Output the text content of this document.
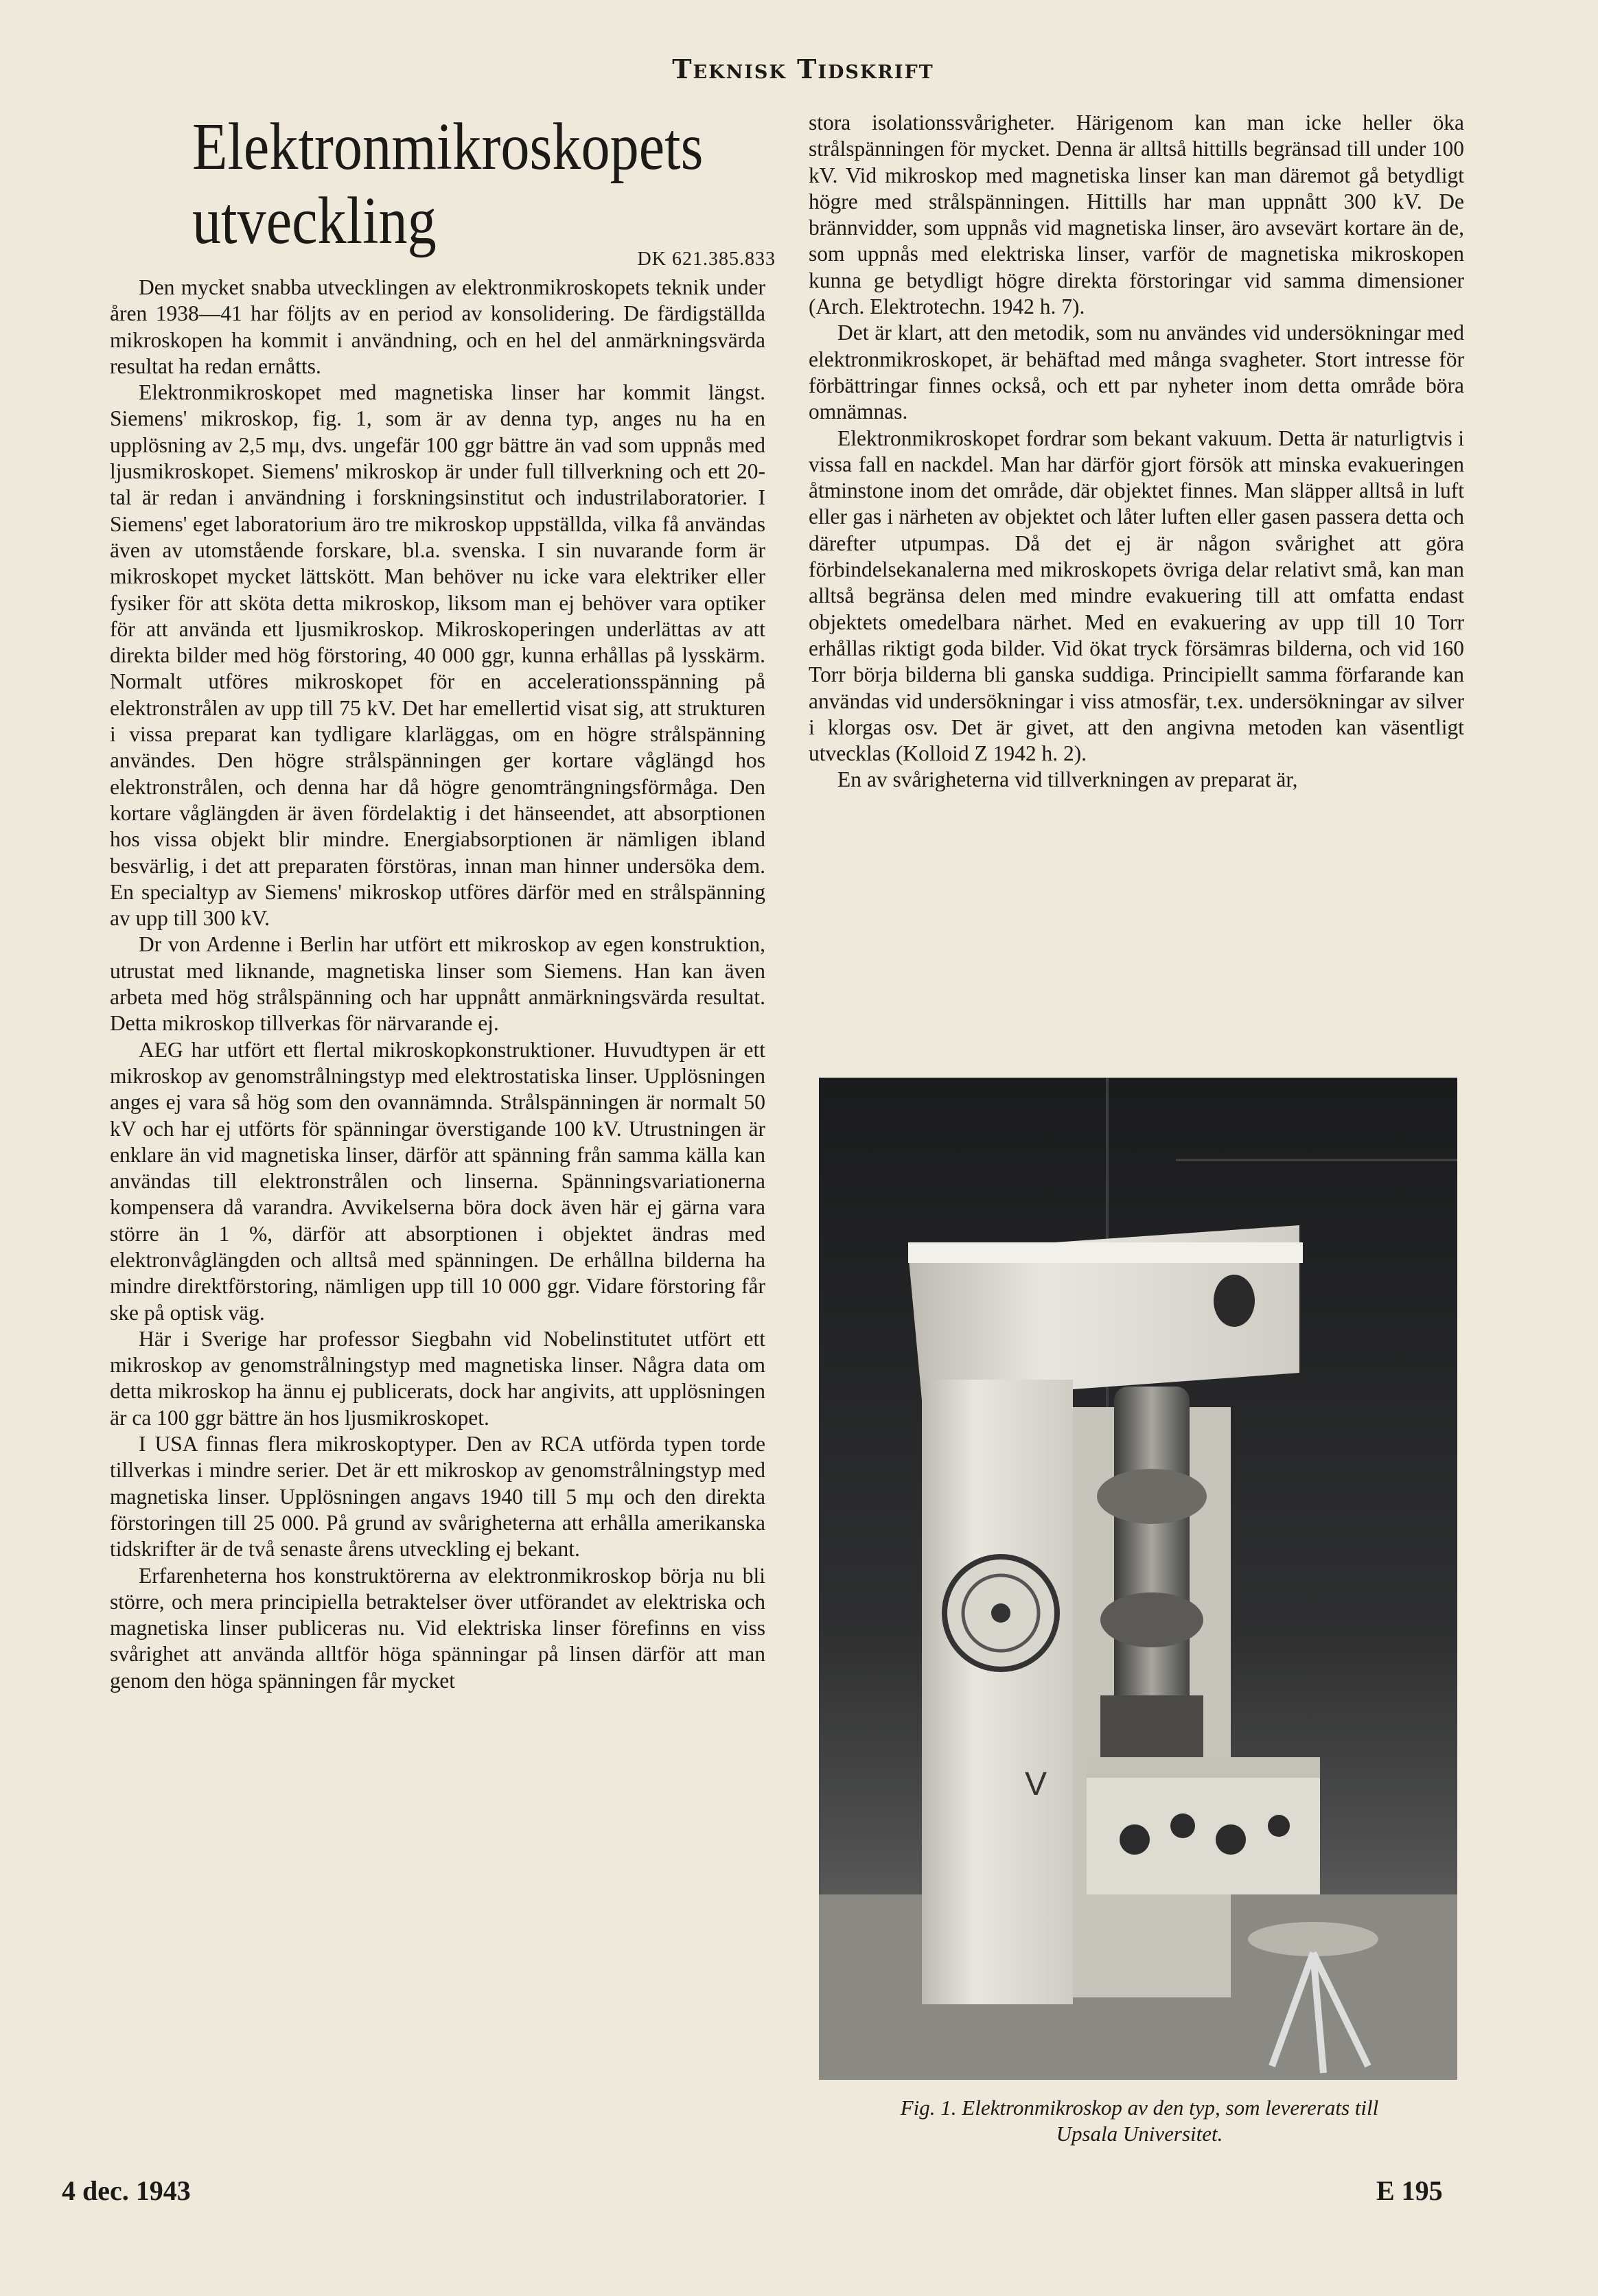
Teknisk Tidskrift
Elektronmikroskopets
utveckling
DK 621.385.833

Den mycket snabba utvecklingen av elektronmikroskopets teknik under åren 1938—41 har följts av en period av konsolidering. De färdigställda mikroskopen ha kommit i användning, och en hel del anmärkningsvärda resultat ha redan ernåtts.

Elektronmikroskopet med magnetiska linser har kommit längst. Siemens' mikroskop, fig. 1, som är av denna typ, anges nu ha en upplösning av 2,5 mμ, dvs. ungefär 100 ggr bättre än vad som uppnås med ljusmikroskopet. Siemens' mikroskop är under full tillverkning och ett 20-tal är redan i användning i forskningsinstitut och industrilaboratorier. I Siemens' eget laboratorium äro tre mikroskop uppställda, vilka få användas även av utomstående forskare, bl.a. svenska. I sin nuvarande form är mikroskopet mycket lättskött. Man behöver nu icke vara elektriker eller fysiker för att sköta detta mikroskop, liksom man ej behöver vara optiker för att använda ett ljusmikroskop. Mikroskoperingen underlättas av att direkta bilder med hög förstoring, 40 000 ggr, kunna erhållas på lysskärm. Normalt utföres mikroskopet för en accelerationsspänning på elektronstrålen av upp till 75 kV. Det har emellertid visat sig, att strukturen i vissa preparat kan tydligare klarläggas, om en högre strålspänning användes. Den högre strålspänningen ger kortare våglängd hos elektronstrålen, och denna har då högre genomträngningsförmåga. Den kortare våglängden är även fördelaktig i det hänseendet, att absorptionen hos vissa objekt blir mindre. Energiabsorptionen är nämligen ibland besvärlig, i det att preparaten förstöras, innan man hinner undersöka dem. En specialtyp av Siemens' mikroskop utföres därför med en strålspänning av upp till 300 kV.

Dr von Ardenne i Berlin har utfört ett mikroskop av egen konstruktion, utrustat med liknande, magnetiska linser som Siemens. Han kan även arbeta med hög strålspänning och har uppnått anmärkningsvärda resultat. Detta mikroskop tillverkas för närvarande ej.

AEG har utfört ett flertal mikroskopkonstruktioner. Huvudtypen är ett mikroskop av genomstrålningstyp med elektrostatiska linser. Upplösningen anges ej vara så hög som den ovannämnda. Strålspänningen är normalt 50 kV och har ej utförts för spänningar överstigande 100 kV. Utrustningen är enklare än vid magnetiska linser, därför att spänning från samma källa kan användas till elektronstrålen och linserna. Spänningsvariationerna kompensera då varandra. Avvikelserna böra dock även här ej gärna vara större än 1 %, därför att absorptionen i objektet ändras med elektronvåglängden och alltså med spänningen. De erhållna bilderna ha mindre direktförstoring, nämligen upp till 10 000 ggr. Vidare förstoring får ske på optisk väg.

Här i Sverige har professor Siegbahn vid Nobelinstitutet utfört ett mikroskop av genomstrålningstyp med magnetiska linser. Några data om detta mikroskop ha ännu ej publicerats, dock har angivits, att upplösningen är ca 100 ggr bättre än hos ljusmikroskopet.

I USA finnas flera mikroskoptyper. Den av RCA utförda typen torde tillverkas i mindre serier. Det är ett mikroskop av genomstrålningstyp med magnetiska linser. Upplösningen angavs 1940 till 5 mμ och den direkta förstoringen till 25 000. På grund av svårigheterna att erhålla amerikanska tidskrifter är de två senaste årens utveckling ej bekant.

Erfarenheterna hos konstruktörerna av elektronmikroskop börja nu bli större, och mera principiella betraktelser över utförandet av elektriska och magnetiska linser publiceras nu. Vid elektriska linser förefinns en viss svårighet att använda alltför höga spänningar på linsen därför att man genom den höga spänningen får mycket

stora isolationssvårigheter. Härigenom kan man icke heller öka strålspänningen för mycket. Denna är alltså hittills begränsad till under 100 kV. Vid mikroskop med magnetiska linser kan man däremot gå betydligt högre med strålspänningen. Hittills har man uppnått 300 kV. De brännvidder, som uppnås vid magnetiska linser, äro avsevärt kortare än de, som uppnås med elektriska linser, varför de magnetiska mikroskopen kunna ge betydligt högre direkta förstoringar vid samma dimensioner (Arch. Elektrotechn. 1942 h. 7).

Det är klart, att den metodik, som nu användes vid undersökningar med elektronmikroskopet, är behäftad med många svagheter. Stort intresse för förbättringar finnes också, och ett par nyheter inom detta område böra omnämnas.

Elektronmikroskopet fordrar som bekant vakuum. Detta är naturligtvis i vissa fall en nackdel. Man har därför gjort försök att minska evakueringen åtminstone inom det område, där objektet finnes. Man släpper alltså in luft eller gas i närheten av objektet och låter luften eller gasen passera detta och därefter utpumpas. Då det ej är någon svårighet att göra förbindelsekanalerna med mikroskopets övriga delar relativt små, kan man alltså begränsa delen med mindre evakuering till att omfatta endast objektets omedelbara närhet. Med en evakuering av upp till 10 Torr erhållas riktigt goda bilder. Vid ökat tryck försämras bilderna, och vid 160 Torr börja bilderna bli ganska suddiga. Principiellt samma förfarande kan användas vid undersökningar i viss atmosfär, t.ex. undersökningar av silver i klorgas osv. Det är givet, att den angivna metoden kan väsentligt utvecklas (Kolloid Z 1942 h. 2).

En av svårigheterna vid tillverkningen av preparat är,

V
Fig. 1. Elektronmikroskop av den typ, som levererats till
Upsala Universitet.
4 dec. 1943	E 195
